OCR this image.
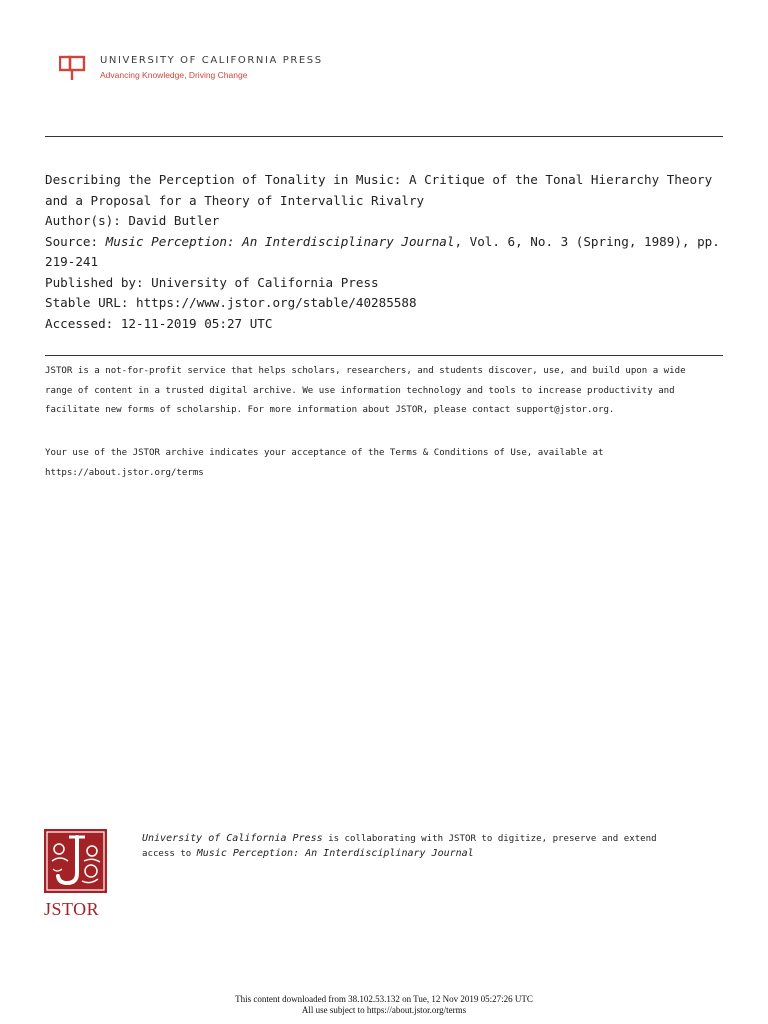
UNIVERSITY OF CALIFORNIA PRESS
Advancing Knowledge, Driving Change
Describing the Perception of Tonality in Music: A Critique of the Tonal Hierarchy Theory
and a Proposal for a Theory of Intervallic Rivalry
Author(s): David Butler
Source: Music Perception: An Interdisciplinary Journal, Vol. 6, No. 3 (Spring, 1989), pp.
219-241
Published by: University of California Press
Stable URL: https://www.jstor.org/stable/40285588
Accessed: 12-11-2019 05:27 UTC
JSTOR is a not-for-profit service that helps scholars, researchers, and students discover, use, and build upon a wide
range of content in a trusted digital archive. We use information technology and tools to increase productivity and
facilitate new forms of scholarship. For more information about JSTOR, please contact support@jstor.org.
Your use of the JSTOR archive indicates your acceptance of the Terms & Conditions of Use, available at
https://about.jstor.org/terms
JSTOR
University of California Press is collaborating with JSTOR to digitize, preserve and extend
access to Music Perception: An Interdisciplinary Journal
This content downloaded from 38.102.53.132 on Tue, 12 Nov 2019 05:27:26 UTC
All use subject to https://about.jstor.org/terms
